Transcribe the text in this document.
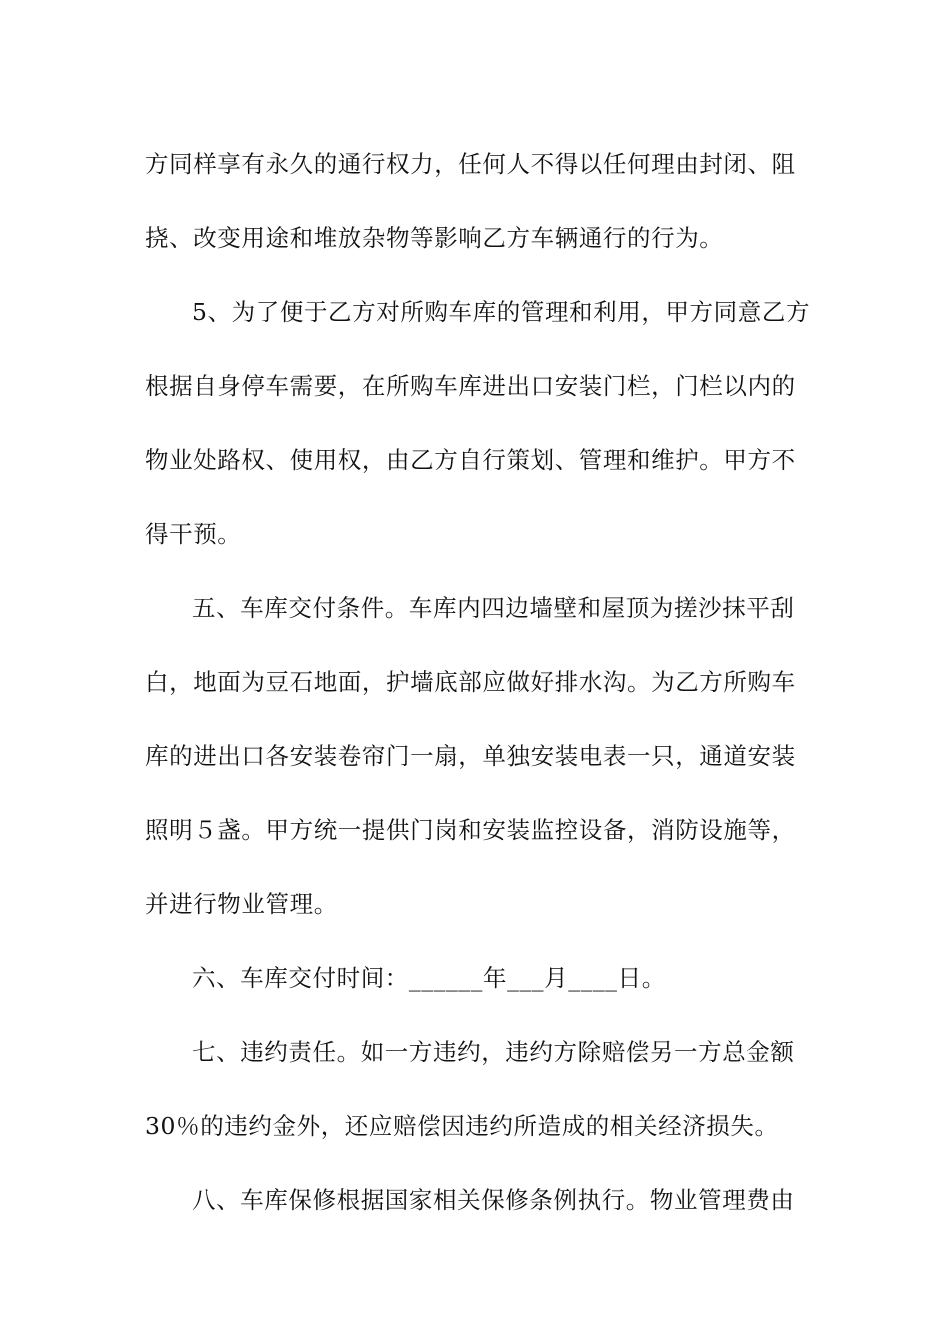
方同样享有永久的通行权力，任何人不得以任何理由封闭、阻
挠、改变用途和堆放杂物等影响乙方车辆通行的行为。
5、为了便于乙方对所购车库的管理和利用，甲方同意乙方
根据自身停车需要，在所购车库进出口安装门栏，门栏以内的
物业处路权、使用权，由乙方自行策划、管理和维护。甲方不
得干预。
五、车库交付条件。车库内四边墙壁和屋顶为搓沙抹平刮
白，地面为豆石地面，护墙底部应做好排水沟。为乙方所购车
库的进出口各安装卷帘门一扇，单独安装电表一只，通道安装
照明５盏。甲方统一提供门岗和安装监控设备，消防设施等，
并进行物业管理。
六、车库交付时间：______年___月____日。
七、违约责任。如一方违约，违约方除赔偿另一方总金额
30％的违约金外，还应赔偿因违约所造成的相关经济损失。
八、车库保修根据国家相关保修条例执行。物业管理费由
